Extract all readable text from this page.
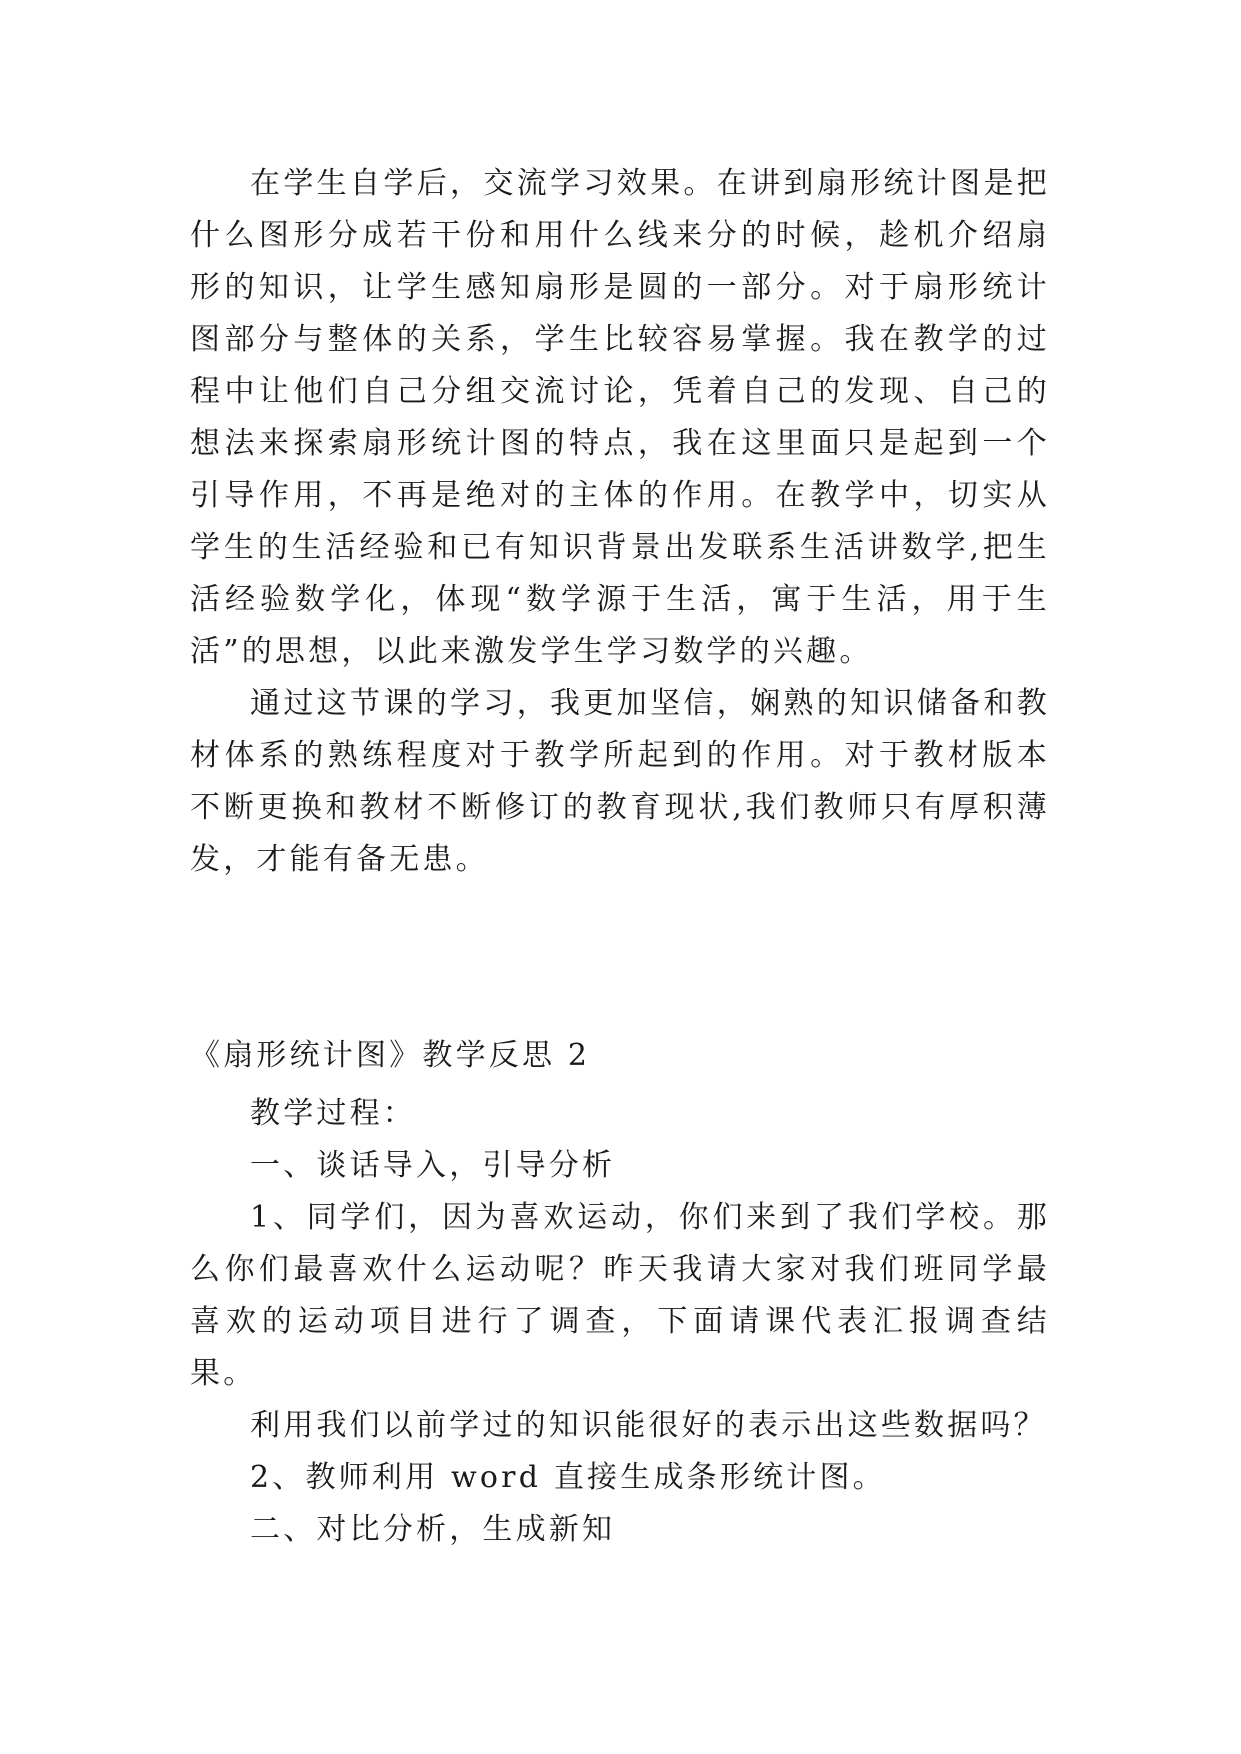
在学生自学后，交流学习效果。在讲到扇形统计图是把什么图形分成若干份和用什么线来分的时候，趁机介绍扇形的知识，让学生感知扇形是圆的一部分。对于扇形统计图部分与整体的关系，学生比较容易掌握。我在教学的过程中让他们自己分组交流讨论，凭着自己的发现、自己的想法来探索扇形统计图的特点，我在这里面只是起到一个引导作用，不再是绝对的主体的作用。在教学中，切实从学生的生活经验和已有知识背景出发联系生活讲数学,把生活经验数学化，体现“数学源于生活，寓于生活，用于生活”的思想，以此来激发学生学习数学的兴趣。

通过这节课的学习，我更加坚信，娴熟的知识储备和教材体系的熟练程度对于教学所起到的作用。对于教材版本不断更换和教材不断修订的教育现状,我们教师只有厚积薄发，才能有备无患。

《扇形统计图》教学反思 2

教学过程：

一、谈话导入，引导分析

1、同学们，因为喜欢运动，你们来到了我们学校。那么你们最喜欢什么运动呢？昨天我请大家对我们班同学最喜欢的运动项目进行了调查，下面请课代表汇报调查结果。

利用我们以前学过的知识能很好的表示出这些数据吗？

2、教师利用 word 直接生成条形统计图。

二、对比分析，生成新知
